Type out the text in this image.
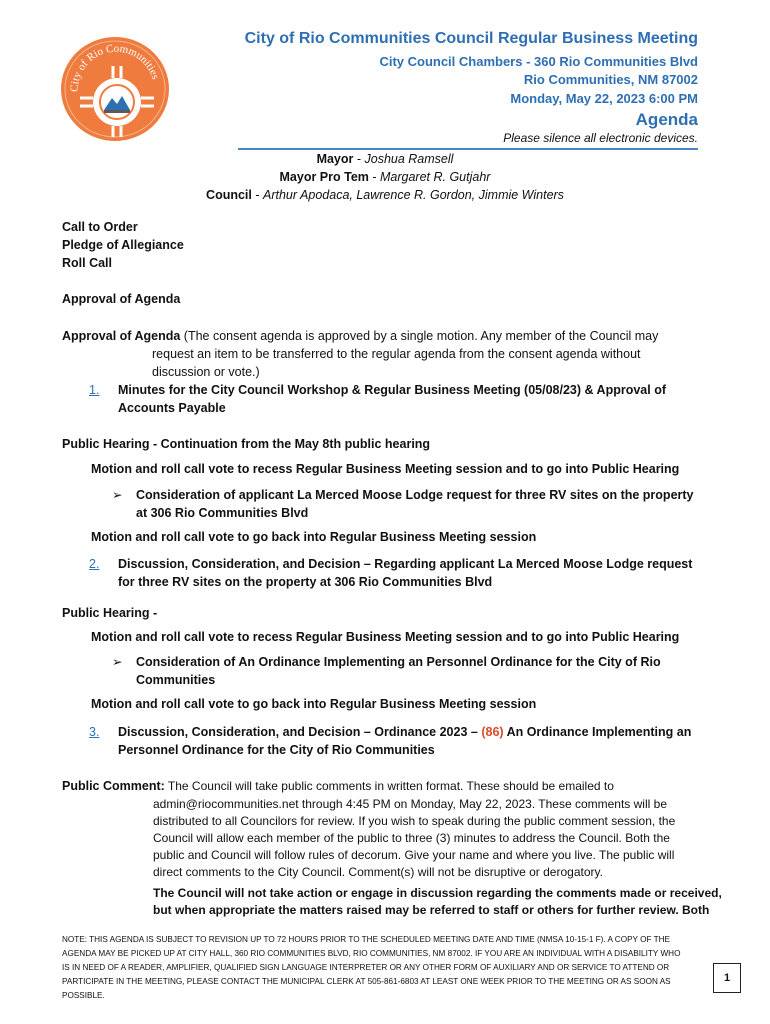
City of Rio Communities
City of Rio Communities Council Regular Business Meeting
City Council Chambers - 360 Rio Communities Blvd
Rio Communities, NM 87002
Monday, May 22, 2023 6:00 PM
Agenda
Please silence all electronic devices.
Mayor - Joshua Ramsell
Mayor Pro Tem - Margaret R. Gutjahr
Council - Arthur Apodaca, Lawrence R. Gordon, Jimmie Winters
Call to Order
Pledge of Allegiance
Roll Call
Approval of Agenda
Approval of Agenda (The consent agenda is approved by a single motion. Any member of the Council may
request an item to be transferred to the regular agenda from the consent agenda without
discussion or vote.)
1. Minutes for the City Council Workshop & Regular Business Meeting (05/08/23) & Approval of
Accounts Payable
Public Hearing - Continuation from the May 8th public hearing
Motion and roll call vote to recess Regular Business Meeting session and to go into Public Hearing
➢ Consideration of applicant La Merced Moose Lodge request for three RV sites on the property
at 306 Rio Communities Blvd
Motion and roll call vote to go back into Regular Business Meeting session
2. Discussion, Consideration, and Decision – Regarding applicant La Merced Moose Lodge request
for three RV sites on the property at 306 Rio Communities Blvd
Public Hearing -
Motion and roll call vote to recess Regular Business Meeting session and to go into Public Hearing
➢ Consideration of An Ordinance Implementing an Personnel Ordinance for the City of Rio
Communities
Motion and roll call vote to go back into Regular Business Meeting session
3. Discussion, Consideration, and Decision – Ordinance 2023 – (86) An Ordinance Implementing an
Personnel Ordinance for the City of Rio Communities
Public Comment: The Council will take public comments in written format. These should be emailed to
admin@riocommunities.net through 4:45 PM on Monday, May 22, 2023. These comments will be
distributed to all Councilors for review. If you wish to speak during the public comment session, the
Council will allow each member of the public to three (3) minutes to address the Council. Both the
public and Council will follow rules of decorum. Give your name and where you live. The public will
direct comments to the City Council. Comment(s) will not be disruptive or derogatory.
The Council will not take action or engage in discussion regarding the comments made or received,
but when appropriate the matters raised may be referred to staff or others for further review. Both
NOTE: THIS AGENDA IS SUBJECT TO REVISION UP TO 72 HOURS PRIOR TO THE SCHEDULED MEETING DATE AND TIME (NMSA 10-15-1 F). A COPY OF THE
AGENDA MAY BE PICKED UP AT CITY HALL, 360 RIO COMMUNITIES BLVD, RIO COMMUNITIES, NM 87002. IF YOU ARE AN INDIVIDUAL WITH A DISABILITY WHO
IS IN NEED OF A READER, AMPLIFIER, QUALIFIED SIGN LANGUAGE INTERPRETER OR ANY OTHER FORM OF AUXILIARY AND OR SERVICE TO ATTEND OR
PARTICIPATE IN THE MEETING, PLEASE CONTACT THE MUNICIPAL CLERK AT 505-861-6803 AT LEAST ONE WEEK PRIOR TO THE MEETING OR AS SOON AS
POSSIBLE.
1
